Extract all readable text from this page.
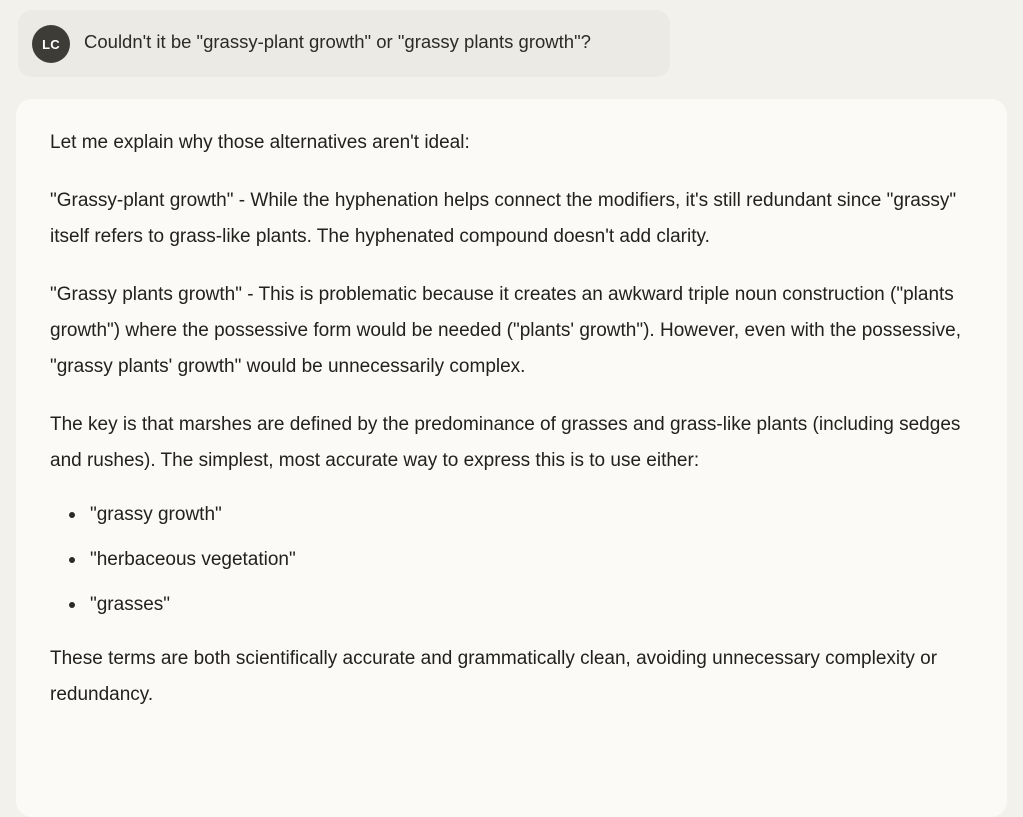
LC	Couldn't it be "grassy-plant growth" or "grassy plants growth"?

Let me explain why those alternatives aren't ideal:

"Grassy-plant growth" - While the hyphenation helps connect the modifiers, it's still redundant since "grassy" itself refers to grass-like plants. The hyphenated compound doesn't add clarity.

"Grassy plants growth" - This is problematic because it creates an awkward triple noun construction ("plants growth") where the possessive form would be needed ("plants' growth"). However, even with the possessive, "grassy plants' growth" would be unnecessarily complex.

The key is that marshes are defined by the predominance of grasses and grass-like plants (including sedges and rushes). The simplest, most accurate way to express this is to use either:

"grassy growth"
"herbaceous vegetation"
"grasses"

These terms are both scientifically accurate and grammatically clean, avoiding unnecessary complexity or redundancy.
